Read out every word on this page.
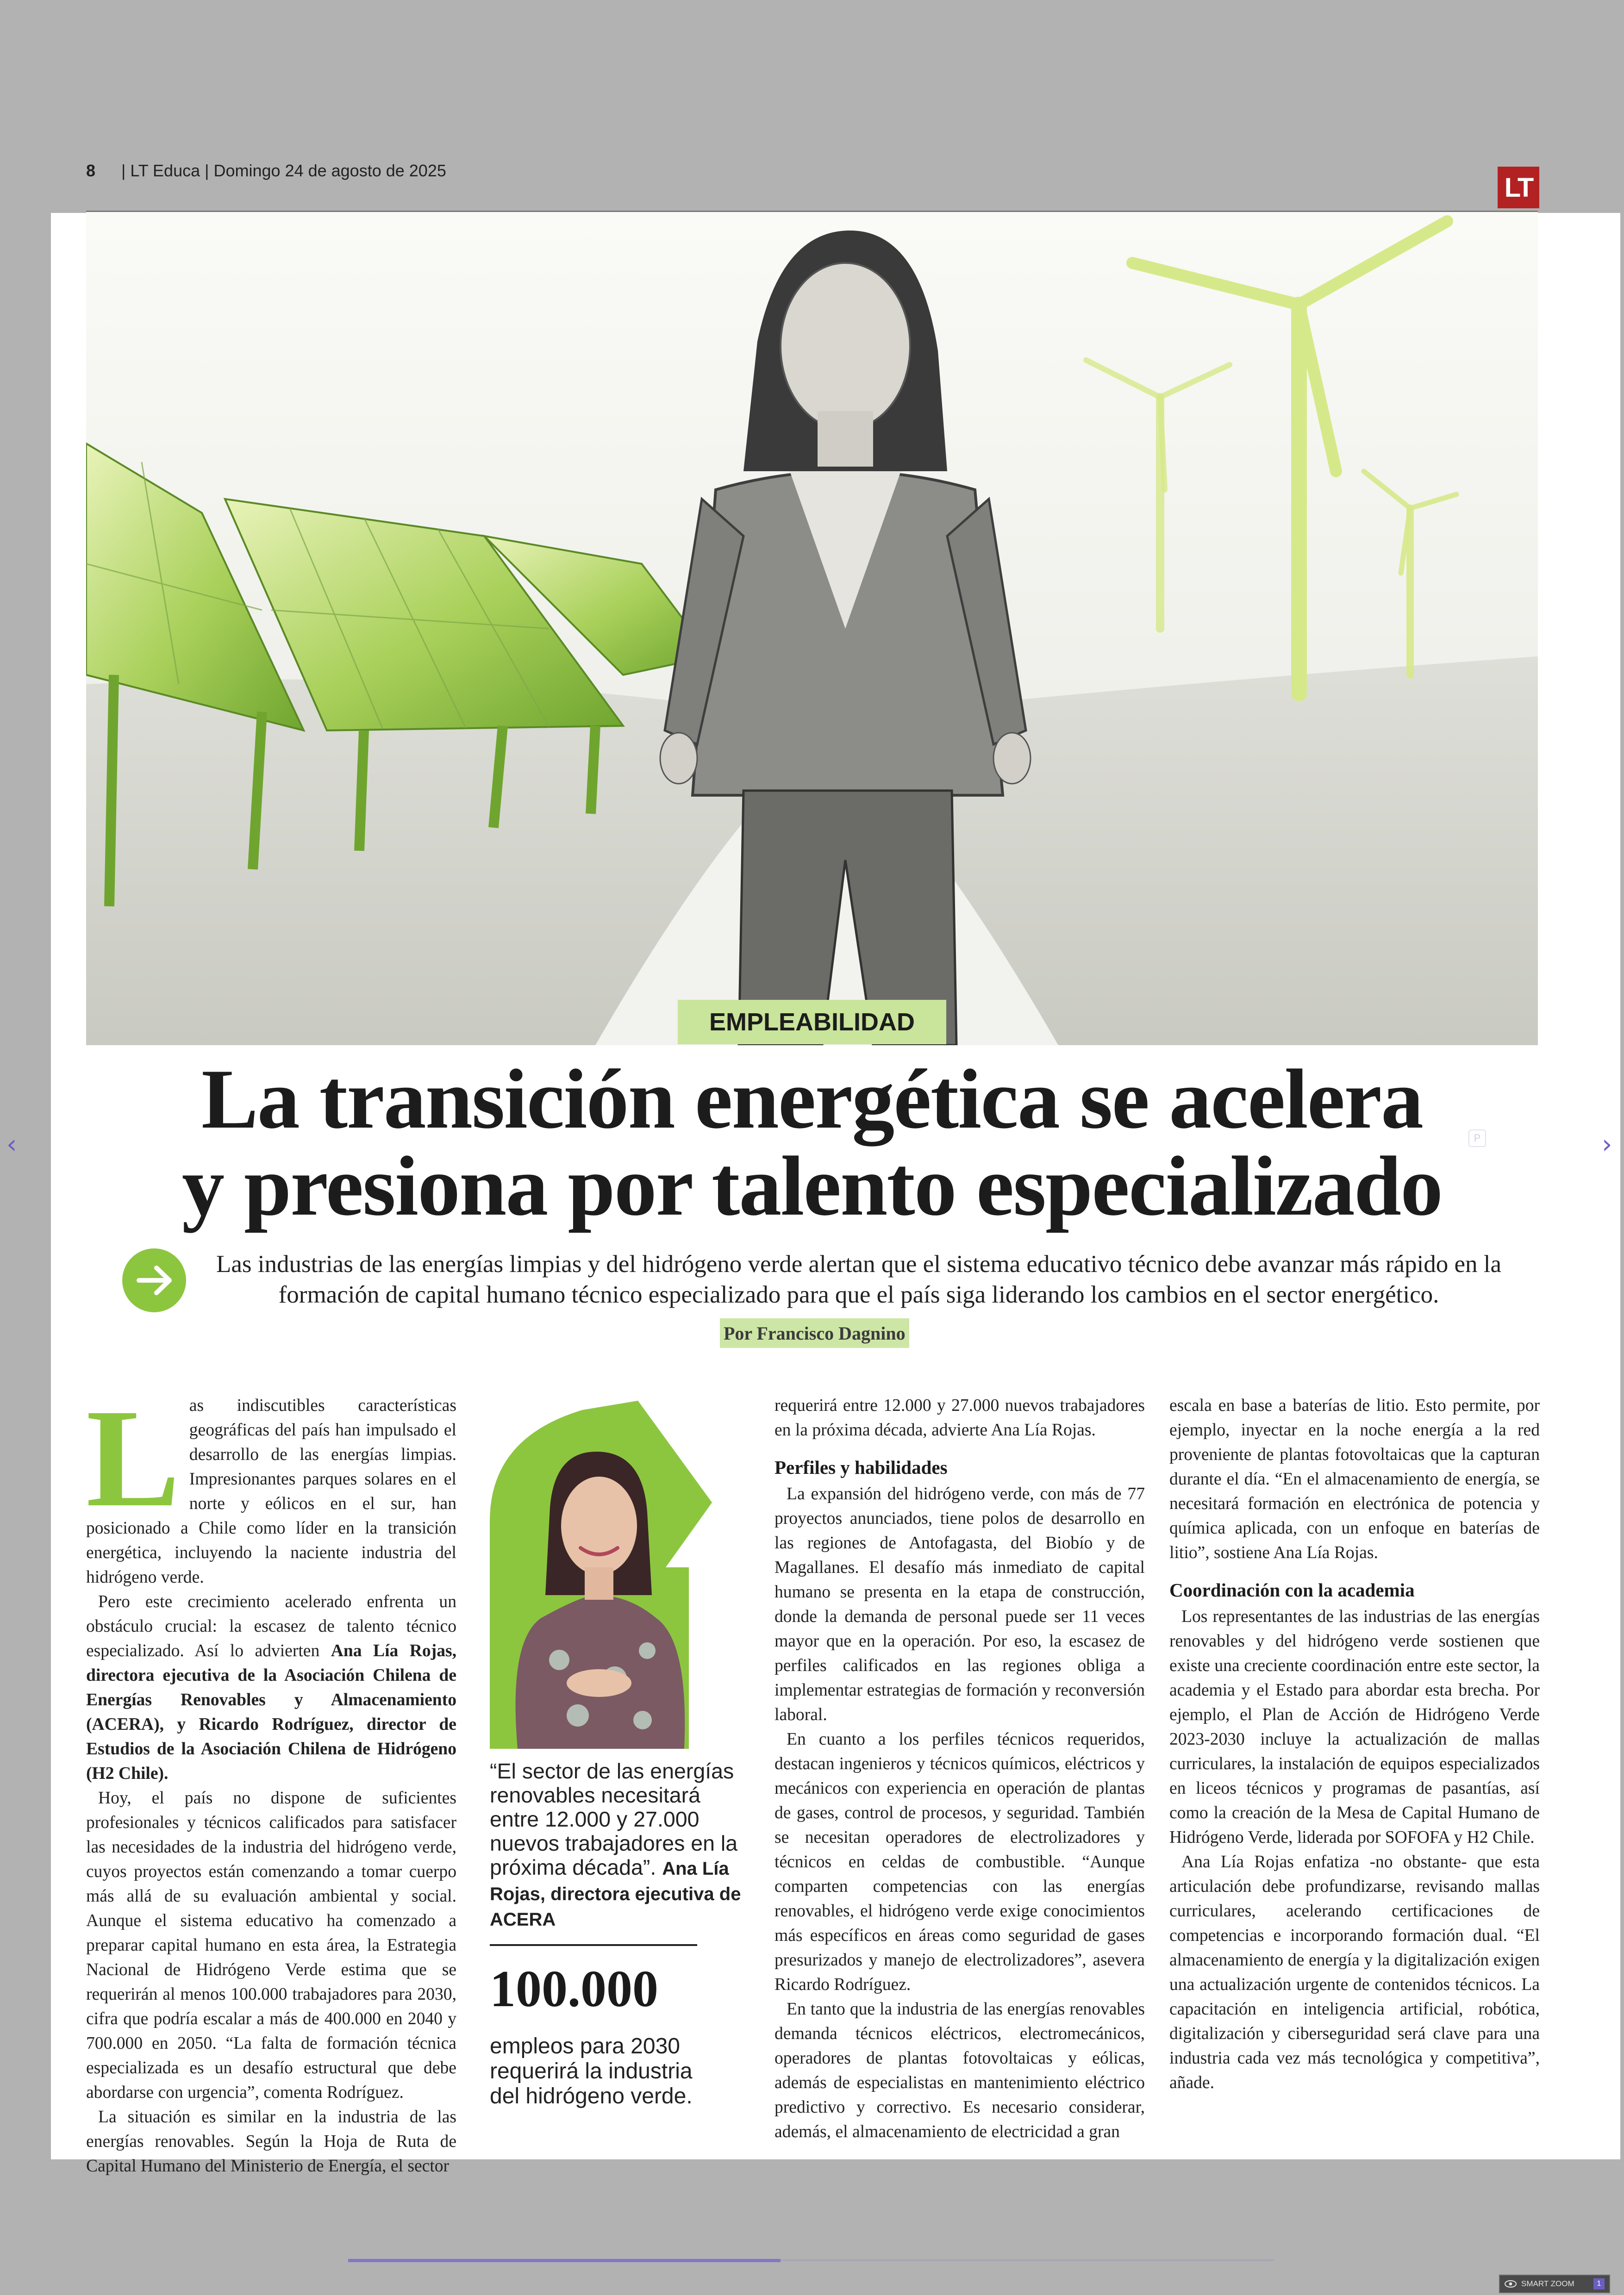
8 | LT Educa | Domingo 24 de agosto de 2025
LT
EMPLEABILIDAD
La transición energética se acelera
y presiona por talento especializado
P
Las industrias de las energías limpias y del hidrógeno verde alertan que el sistema educativo técnico debe avanzar más rápido en la formación de capital humano técnico especializado para que el país siga liderando los cambios en el sector energético.
Por Francisco Dagnino

Las indiscutibles características geográficas del país han impulsado el desarrollo de las energías limpias. Impresionantes parques solares en el norte y eólicos en el sur, han posicionado a Chile como líder en la transición energética, incluyendo la naciente industria del hidrógeno verde.

Pero este crecimiento acelerado enfrenta un obstáculo crucial: la escasez de talento técnico especializado. Así lo advierten Ana Lía Rojas, directora ejecutiva de la Asociación Chilena de Energías Renovables y Almacenamiento (ACERA), y Ricardo Rodríguez, director de Estudios de la Asociación Chilena de Hidrógeno (H2 Chile).

Hoy, el país no dispone de suficientes profesionales y técnicos calificados para satisfacer las necesidades de la industria del hidrógeno verde, cuyos proyectos están comenzando a tomar cuerpo más allá de su evaluación ambiental y social. Aunque el sistema educativo ha comenzado a preparar capital humano en esta área, la Estrategia Nacional de Hidrógeno Verde estima que se requerirán al menos 100.000 trabajadores para 2030, cifra que podría escalar a más de 400.000 en 2040 y 700.000 en 2050. “La falta de formación técnica especializada es un desafío estructural que debe abordarse con urgencia”, comenta Rodríguez.

La situación es similar en la industria de las energías renovables. Según la Hoja de Ruta de Capital Humano del Ministerio de Energía, el sector

“El sector de las energías renovables necesitará entre 12.000 y 27.000 nuevos trabajadores en la próxima década”. Ana Lía Rojas, directora ejecutiva de ACERA
100.000
empleos para 2030 requerirá la industria del hidrógeno verde.

requerirá entre 12.000 y 27.000 nuevos trabajadores en la próxima década, advierte Ana Lía Rojas.

Perfiles y habilidades

La expansión del hidrógeno verde, con más de 77 proyectos anunciados, tiene polos de desarrollo en las regiones de Antofagasta, del Biobío y de Magallanes. El desafío más inmediato de capital humano se presenta en la etapa de construcción, donde la demanda de personal puede ser 11 veces mayor que en la operación. Por eso, la escasez de perfiles calificados en las regiones obliga a implementar estrategias de formación y reconversión laboral.

En cuanto a los perfiles técnicos requeridos, destacan ingenieros y técnicos químicos, eléctricos y mecánicos con experiencia en operación de plantas de gases, control de procesos, y seguridad. También se necesitan operadores de electrolizadores y técnicos en celdas de combustible. “Aunque comparten competencias con las energías renovables, el hidrógeno verde exige conocimientos más específicos en áreas como seguridad de gases presurizados y manejo de electrolizadores”, asevera Ricardo Rodríguez.

En tanto que la industria de las energías renovables demanda técnicos eléctricos, electromecánicos, operadores de plantas fotovoltaicas y eólicas, además de especialistas en mantenimiento eléctrico predictivo y correctivo. Es necesario considerar, además, el almacenamiento de electricidad a gran

escala en base a baterías de litio. Esto permite, por ejemplo, inyectar en la noche energía a la red proveniente de plantas fotovoltaicas que la capturan durante el día. “En el almacenamiento de energía, se necesitará formación en electrónica de potencia y química aplicada, con un enfoque en baterías de litio”, sostiene Ana Lía Rojas.

Coordinación con la academia

Los representantes de las industrias de las energías renovables y del hidrógeno verde sostienen que existe una creciente coordinación entre este sector, la academia y el Estado para abordar esta brecha. Por ejemplo, el Plan de Acción de Hidrógeno Verde 2023-2030 incluye la actualización de mallas curriculares, la instalación de equipos especializados en liceos técnicos y programas de pasantías, así como la creación de la Mesa de Capital Humano de Hidrógeno Verde, liderada por SOFOFA y H2 Chile.

Ana Lía Rojas enfatiza -no obstante- que esta articulación debe profundizarse, revisando mallas curriculares, acelerando certificaciones de competencias e incorporando formación dual. “El almacenamiento de energía y la digitalización exigen una actualización urgente de contenidos técnicos. La capacitación en inteligencia artificial, robótica, digitalización y ciberseguridad será clave para una industria cada vez más tecnológica y competitiva”, añade.

‹	›
SMART ZOOM	1
